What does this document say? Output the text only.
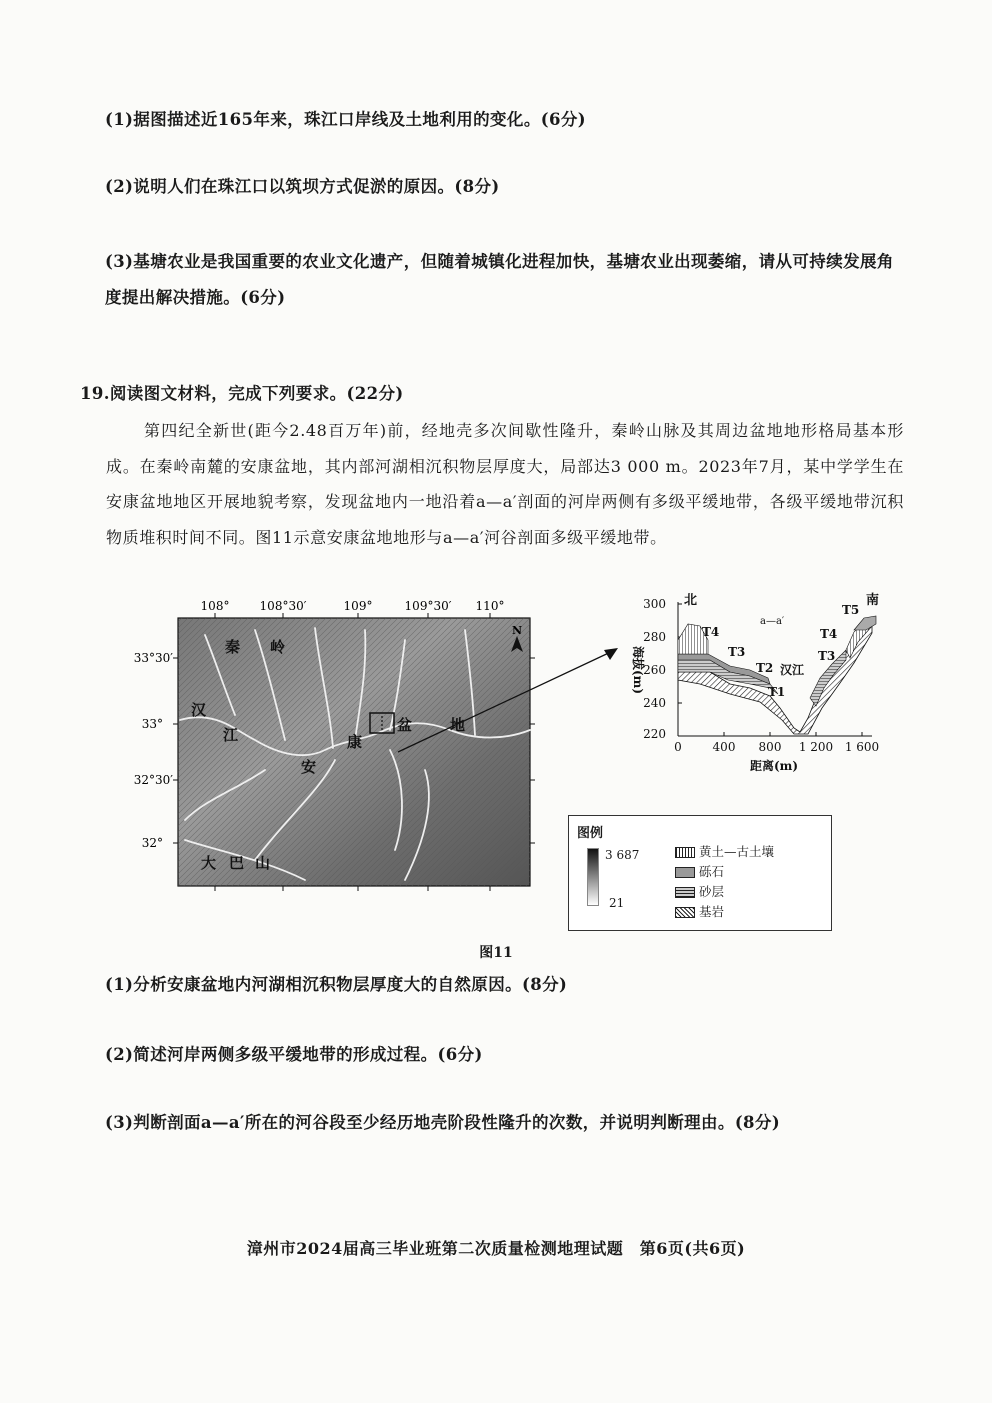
(1)据图描述近165年来，珠江口岸线及土地利用的变化。(6分)
(2)说明人们在珠江口以筑坝方式促淤的原因。(8分)
(3)基塘农业是我国重要的农业文化遗产，但随着城镇化进程加快，基塘农业出现萎缩，请从可持续发展角度提出解决措施。(6分)
19.阅读图文材料，完成下列要求。(22分)
第四纪全新世(距今2.48百万年)前，经地壳多次间歇性隆升，秦岭山脉及其周边盆地地形格局基本形成。在秦岭南麓的安康盆地，其内部河湖相沉积物层厚度大，局部达3 000 m。2023年7月，某中学学生在安康盆地地区开展地貌考察，发现盆地内一地沿着a—a′剖面的河岸两侧有多级平缓地带，各级平缓地带沉积物质堆积时间不同。图11示意安康盆地地形与a—a′河谷剖面多级平缓地带。
108°	108°30′	109°	109°30′ 110°
33°30′
33°
32°30′
32°
N
秦 岭
汉
江
安
康
盆	地
大 巴 山
300
280
260
240
220
0	400 800 1 200 1 600
距离(m)
海拔(m)
北	南
a—a′
汉江
T5
T4
T3
T2
T1
T4
T3
图例
3 687
21
黄土—古土壤
砾石
砂层
基岩
图11
(1)分析安康盆地内河湖相沉积物层厚度大的自然原因。(8分)
(2)简述河岸两侧多级平缓地带的形成过程。(6分)
(3)判断剖面a—a′所在的河谷段至少经历地壳阶段性隆升的次数，并说明判断理由。(8分)
漳州市2024届高三毕业班第二次质量检测地理试题　第6页(共6页)
